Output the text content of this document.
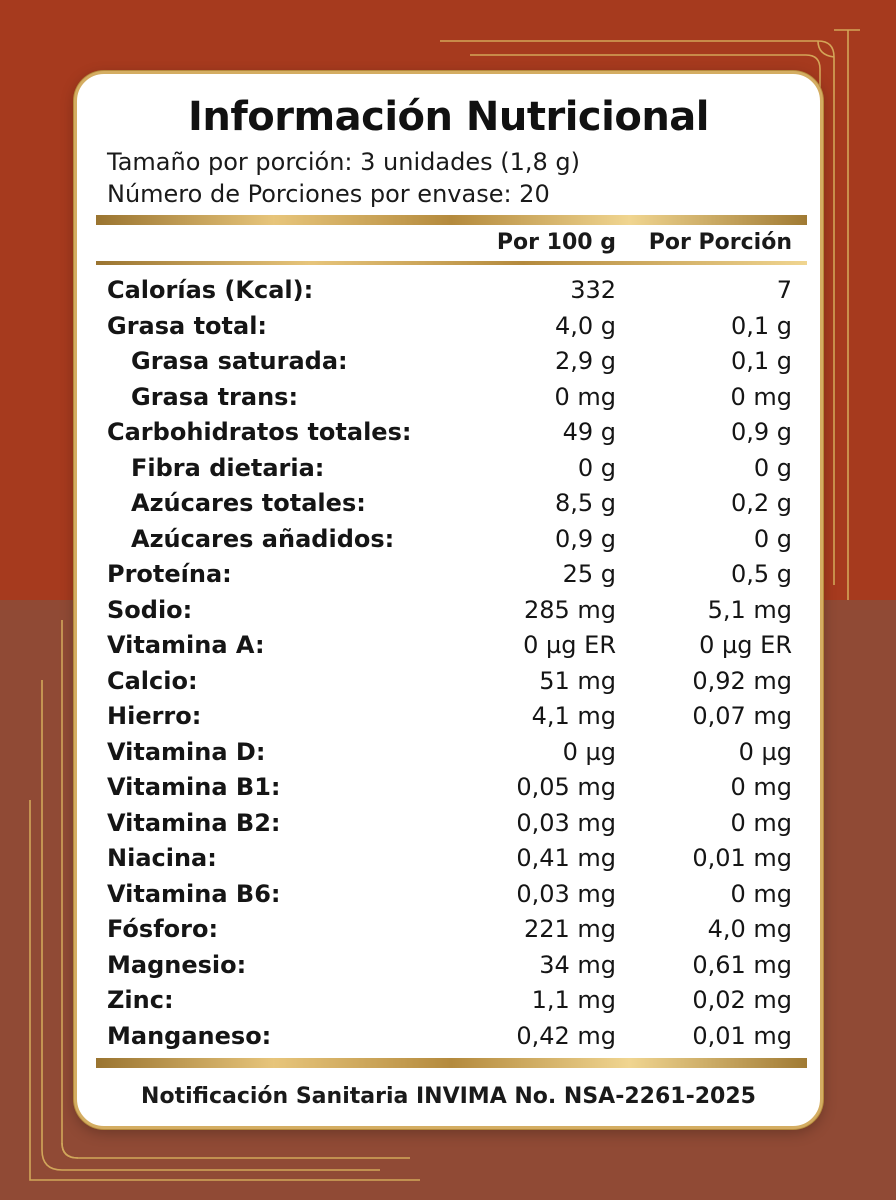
Información Nutricional
Tamaño por porción: 3 unidades (1,8 g)
Número de Porciones por envase: 20
Por 100 g	Por Porción
Calorías (Kcal):	332	7
Grasa total:	4,0 g	0,1 g
Grasa saturada:	2,9 g	0,1 g
Grasa trans:	0 mg	0 mg
Carbohidratos totales:	49 g	0,9 g
Fibra dietaria:	0 g	0 g
Azúcares totales:	8,5 g	0,2 g
Azúcares añadidos:	0,9 g	0 g
Proteína:	25 g	0,5 g
Sodio:	285 mg	5,1 mg
Vitamina A:	0 µg ER	0 µg ER
Calcio:	51 mg	0,92 mg
Hierro:	4,1 mg	0,07 mg
Vitamina D:	0 µg	0 µg
Vitamina B1:	0,05 mg	0 mg
Vitamina B2:	0,03 mg	0 mg
Niacina:	0,41 mg	0,01 mg
Vitamina B6:	0,03 mg	0 mg
Fósforo:	221 mg	4,0 mg
Magnesio:	34 mg	0,61 mg
Zinc:	1,1 mg	0,02 mg
Manganeso:	0,42 mg	0,01 mg
Notificación Sanitaria INVIMA No. NSA-2261-2025
